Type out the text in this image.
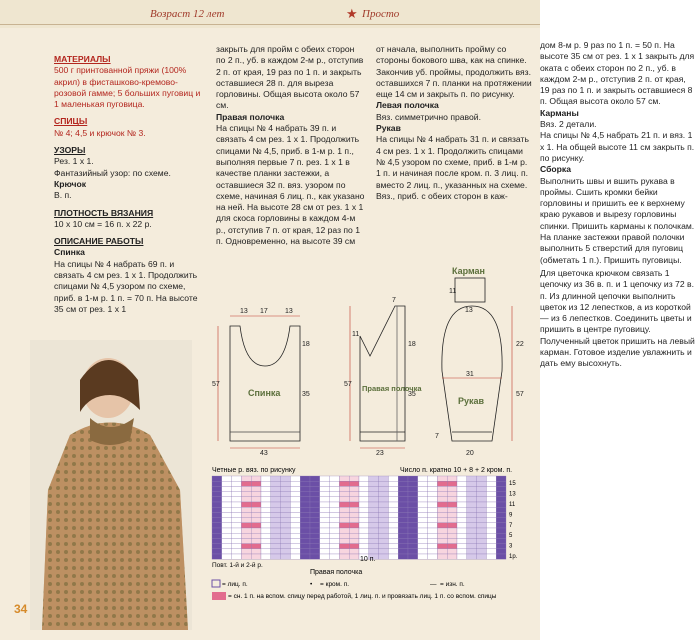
Возраст 12 лет	★ Просто

МАТЕРИАЛЫ

500 г принтованной пряжи (100% акрил) в фисташково-кремово-розовой гамме; 5 больших пуговиц и 1 маленькая пуговица.

СПИЦЫ

№ 4; 4,5 и крючок № 3.

УЗОРЫ

Рез. 1 х 1.

Фантазийный узор: по схеме.

Крючок

В. п.

ПЛОТНОСТЬ ВЯЗАНИЯ

10 х 10 см = 16 п. х 22 р.

ОПИСАНИЕ РАБОТЫ

Спинка

На спицы № 4 набрать 69 п. и связать 4 см рез. 1 х 1. Продолжить спицами № 4,5 узором по схеме, приб. в 1-м р. 1 п. = 70 п. На высоте 35 см от рез. 1 х 1

закрыть для пройм с обеих сторон по 2 п., уб. в каждом 2-м р., отступив 2 п. от края, 19 раз по 1 п. и закрыть оставшиеся 28 п. для выреза горловины. Общая высота около 57 см.

Правая полочка

На спицы № 4 набрать 39 п. и связать 4 см рез. 1 х 1. Продолжить спицами № 4,5, приб. в 1-м р. 1 п., выполняя первые 7 п. рез. 1 х 1 в качестве планки застежки, а оставшиеся 32 п. вяз. узором по схеме, начиная 6 лиц. п., как указано на ней. На высоте 28 см от рез. 1 х 1 для скоса горловины в каждом 4-м р., отступив 7 п. от края, 12 раз по 1 п. Одновременно, на высоте 39 см

от начала, выполнить пройму со стороны бокового шва, как на спинке.

Закончив уб. проймы, продолжить вяз. оставшихся 7 п. планки на протяжении еще 14 см и закрыть п. по рисунку.

Левая полочка

Вяз. симметрично правой.

Рукав

На спицы № 4 набрать 31 п. и связать 4 см рез. 1 х 1. Продолжить спицами № 4,5 узором по схеме, приб. в 1-м р. 1 п. и начиная после кром. п. 3 лиц. п. вместо 2 лиц. п., указанных на схеме. Вяз., приб. с обеих сторон в каж-

дом 8-м р. 9 раз по 1 п. = 50 п. На высоте 35 см от рез. 1 х 1 закрыть для оката с обеих сторон по 2 п., уб. в каждом 2-м р., отступив 2 п. от края, 19 раз по 1 п. и закрыть оставшиеся 8 п. Общая высота около 57 см.

Карманы

Вяз. 2 детали.

На спицы № 4,5 набрать 21 п. и вяз. 1 х 1. На общей высоте 11 см закрыть п. по рисунку.

Сборка

Выполнить швы и вшить рукава в проймы. Сшить кромки бейки горловины и пришить ее к верхнему краю рукавов и вырезу горловины спинки. Пришить карманы к полочкам. На планке застежки правой полочки выполнить 5 стверстий для пуговиц (обметать 1 п.). Пришить пуговицы.

Для цветочка крючком связать 1 цепочку из 36 в. п. и 1 цепочку из 72 в. п. Из длинной цепочки выполнить цветок из 12 лепестков, а из короткой — из 6 лепестков. Соединить цветы и пришить в центре пуговицу. Полученный цветок пришить на левый карман. Готовое изделие увлажнить и дать ему высохнуть.

34
13 17 13
57
18
35
43
7
11
57
18
35
23
13
11
31
22
57
20
7
Спинка	Правая полочка
Рукав
Карман
Четные р. вяз. по рисунку	Число п. кратно 10 + 8 + 2 кром. п.
15
13
11
9
7
5
3
1р.
Повт. 1-й и 2-й р.
10 п.
Правая полочка
= лиц. п.	= кром. п.
•	= изн. п.
—
= сн. 1 п. на вспом. спицу перед работой, 1 лиц. п. и провязать лиц. 1 п. со вспом. спицы
